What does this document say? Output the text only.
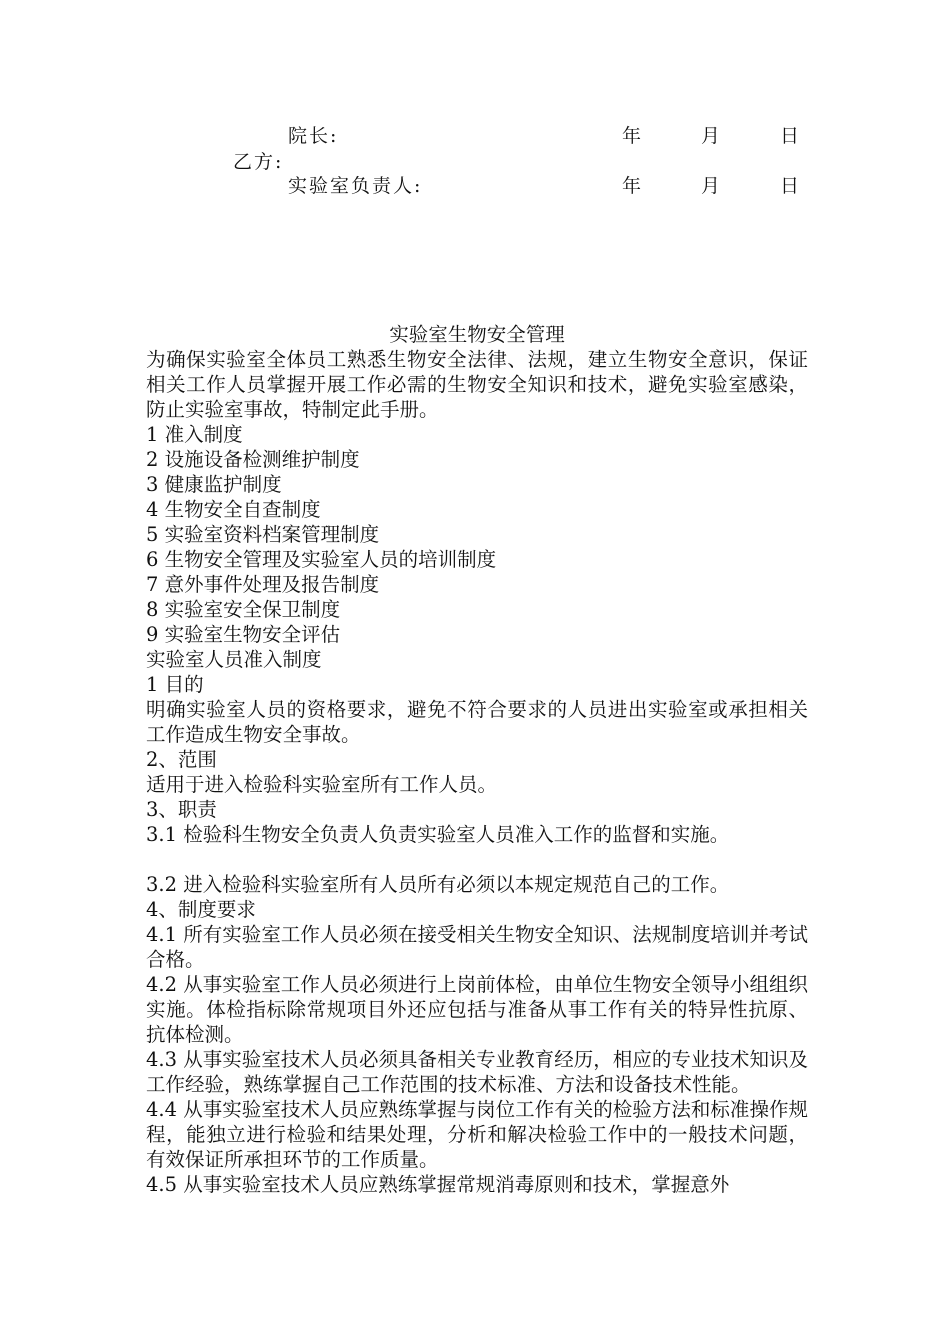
院长:	年	月	日
乙方:
实验室负责人:	年	月	日

实验室生物安全管理

为确保实验室全体员工熟悉生物安全法律、法规，建立生物安全意识，保证相关工作人员掌握开展工作必需的生物安全知识和技术，避免实验室感染，防止实验室事故，特制定此手册。

1 准入制度

2 设施设备检测维护制度

3 健康监护制度

4 生物安全自查制度

5 实验室资料档案管理制度

6 生物安全管理及实验室人员的培训制度

7 意外事件处理及报告制度

8 实验室安全保卫制度

9 实验室生物安全评估

实验室人员准入制度

1 目的

明确实验室人员的资格要求，避免不符合要求的人员进出实验室或承担相关工作造成生物安全事故。

2、范围

适用于进入检验科实验室所有工作人员。

3、职责

3.1 检验科生物安全负责人负责实验室人员准入工作的监督和实施。

3.2 进入检验科实验室所有人员所有必须以本规定规范自己的工作。

4、制度要求

4.1 所有实验室工作人员必须在接受相关生物安全知识、法规制度培训并考试合格。

4.2 从事实验室工作人员必须进行上岗前体检，由单位生物安全领导小组组织实施。体检指标除常规项目外还应包括与准备从事工作有关的特异性抗原、抗体检测。

4.3 从事实验室技术人员必须具备相关专业教育经历，相应的专业技术知识及工作经验，熟练掌握自己工作范围的技术标准、方法和设备技术性能。

4.4 从事实验室技术人员应熟练掌握与岗位工作有关的检验方法和标准操作规程，能独立进行检验和结果处理，分析和解决检验工作中的一般技术问题，有效保证所承担环节的工作质量。

4.5 从事实验室技术人员应熟练掌握常规消毒原则和技术，掌握意外
